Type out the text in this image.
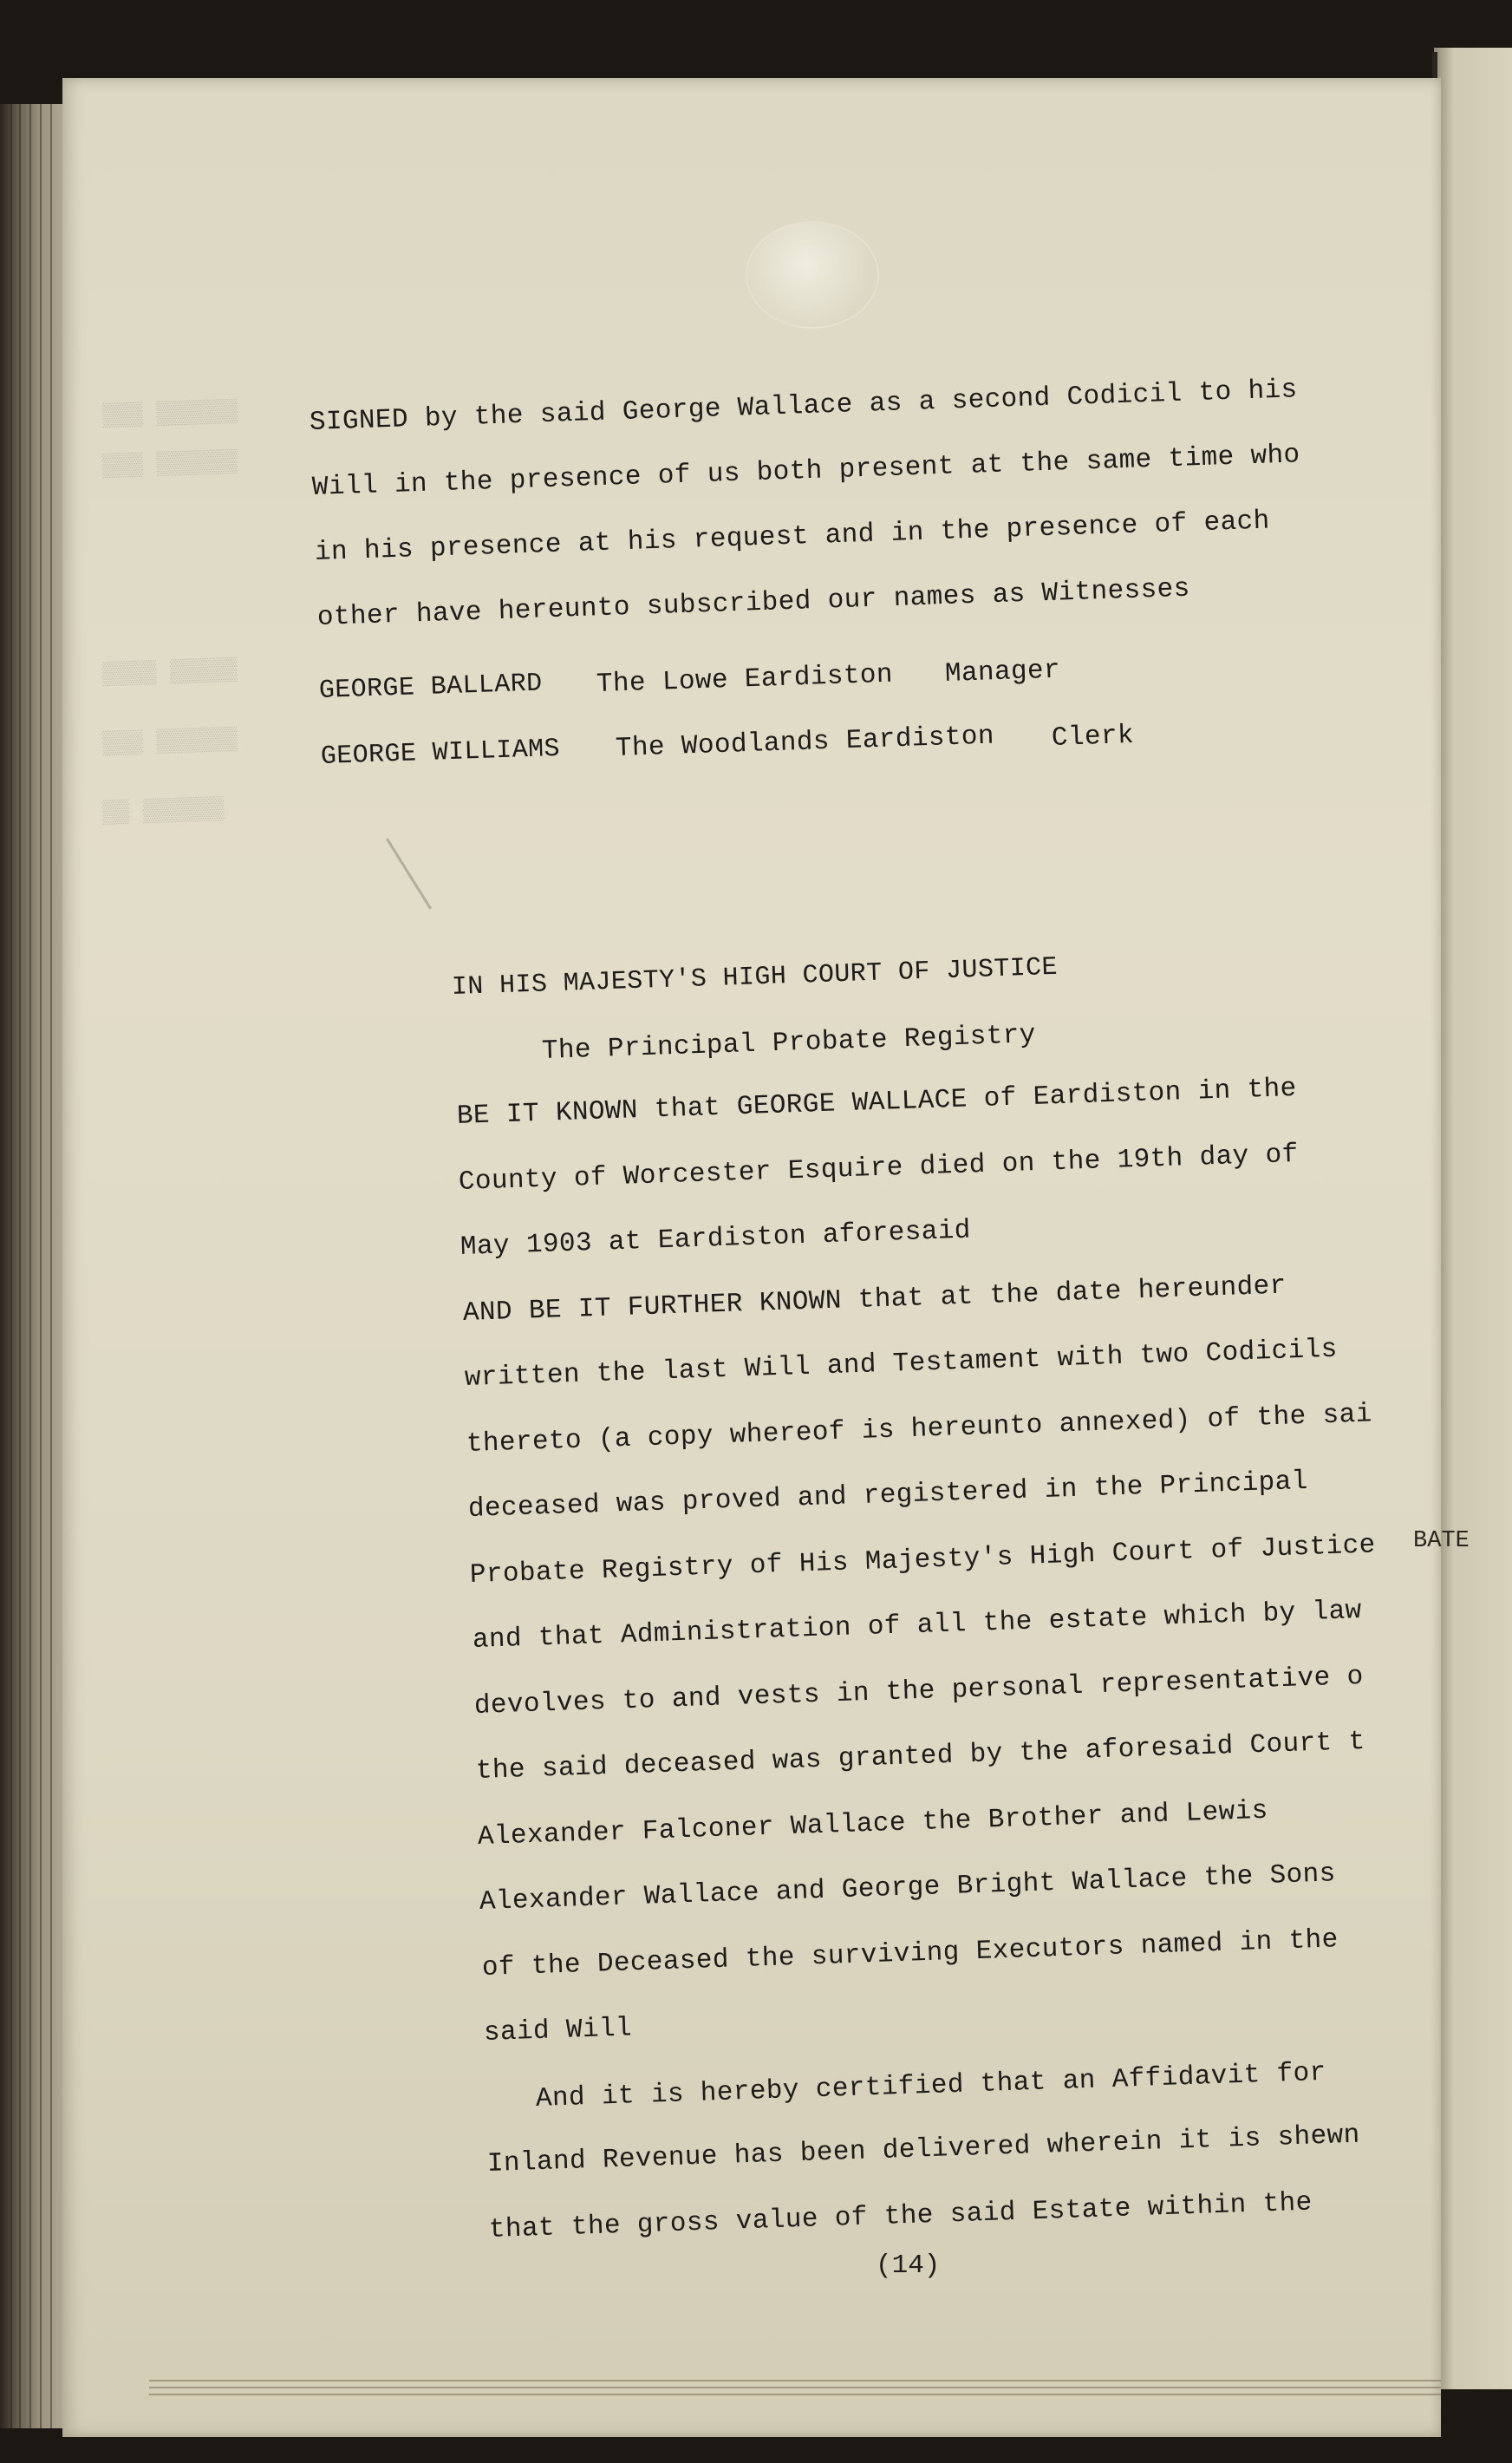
▒▒▒ ▒▒▒▒▒▒
▒▒▒ ▒▒▒▒▒▒
▒▒▒▒ ▒▒▒▒▒
▒▒▒ ▒▒▒▒▒▒
▒▒ ▒▒▒▒▒▒
SIGNED by the said George Wallace as a second Codicil to his
Will in the presence of us both present at the same time who
in his presence at his request and in the presence of each
other have hereunto subscribed our names as Witnesses
GEORGE BALLARD The Lowe Eardiston Manager
GEORGE WILLIAMS The Woodlands Eardiston Clerk
IN HIS MAJESTY'S HIGH COURT OF JUSTICE
The Principal Probate Registry
BE IT KNOWN that GEORGE WALLACE of Eardiston in the
County of Worcester Esquire died on the 19th day of
May 1903 at Eardiston aforesaid
AND BE IT FURTHER KNOWN that at the date hereunder
written the last Will and Testament with two Codicils
thereto (a copy whereof is hereunto annexed) of the sai
deceased was proved and registered in the Principal
Probate Registry of His Majesty's High Court of Justice
and that Administration of all the estate which by law
devolves to and vests in the personal representative o
the said deceased was granted by the aforesaid Court t
Alexander Falconer Wallace the Brother and Lewis
Alexander Wallace and George Bright Wallace the Sons
of the Deceased the surviving Executors named in the
said Will
And it is hereby certified that an Affidavit for
Inland Revenue has been delivered wherein it is shewn
that the gross value of the said Estate within the
BATE
(14)
